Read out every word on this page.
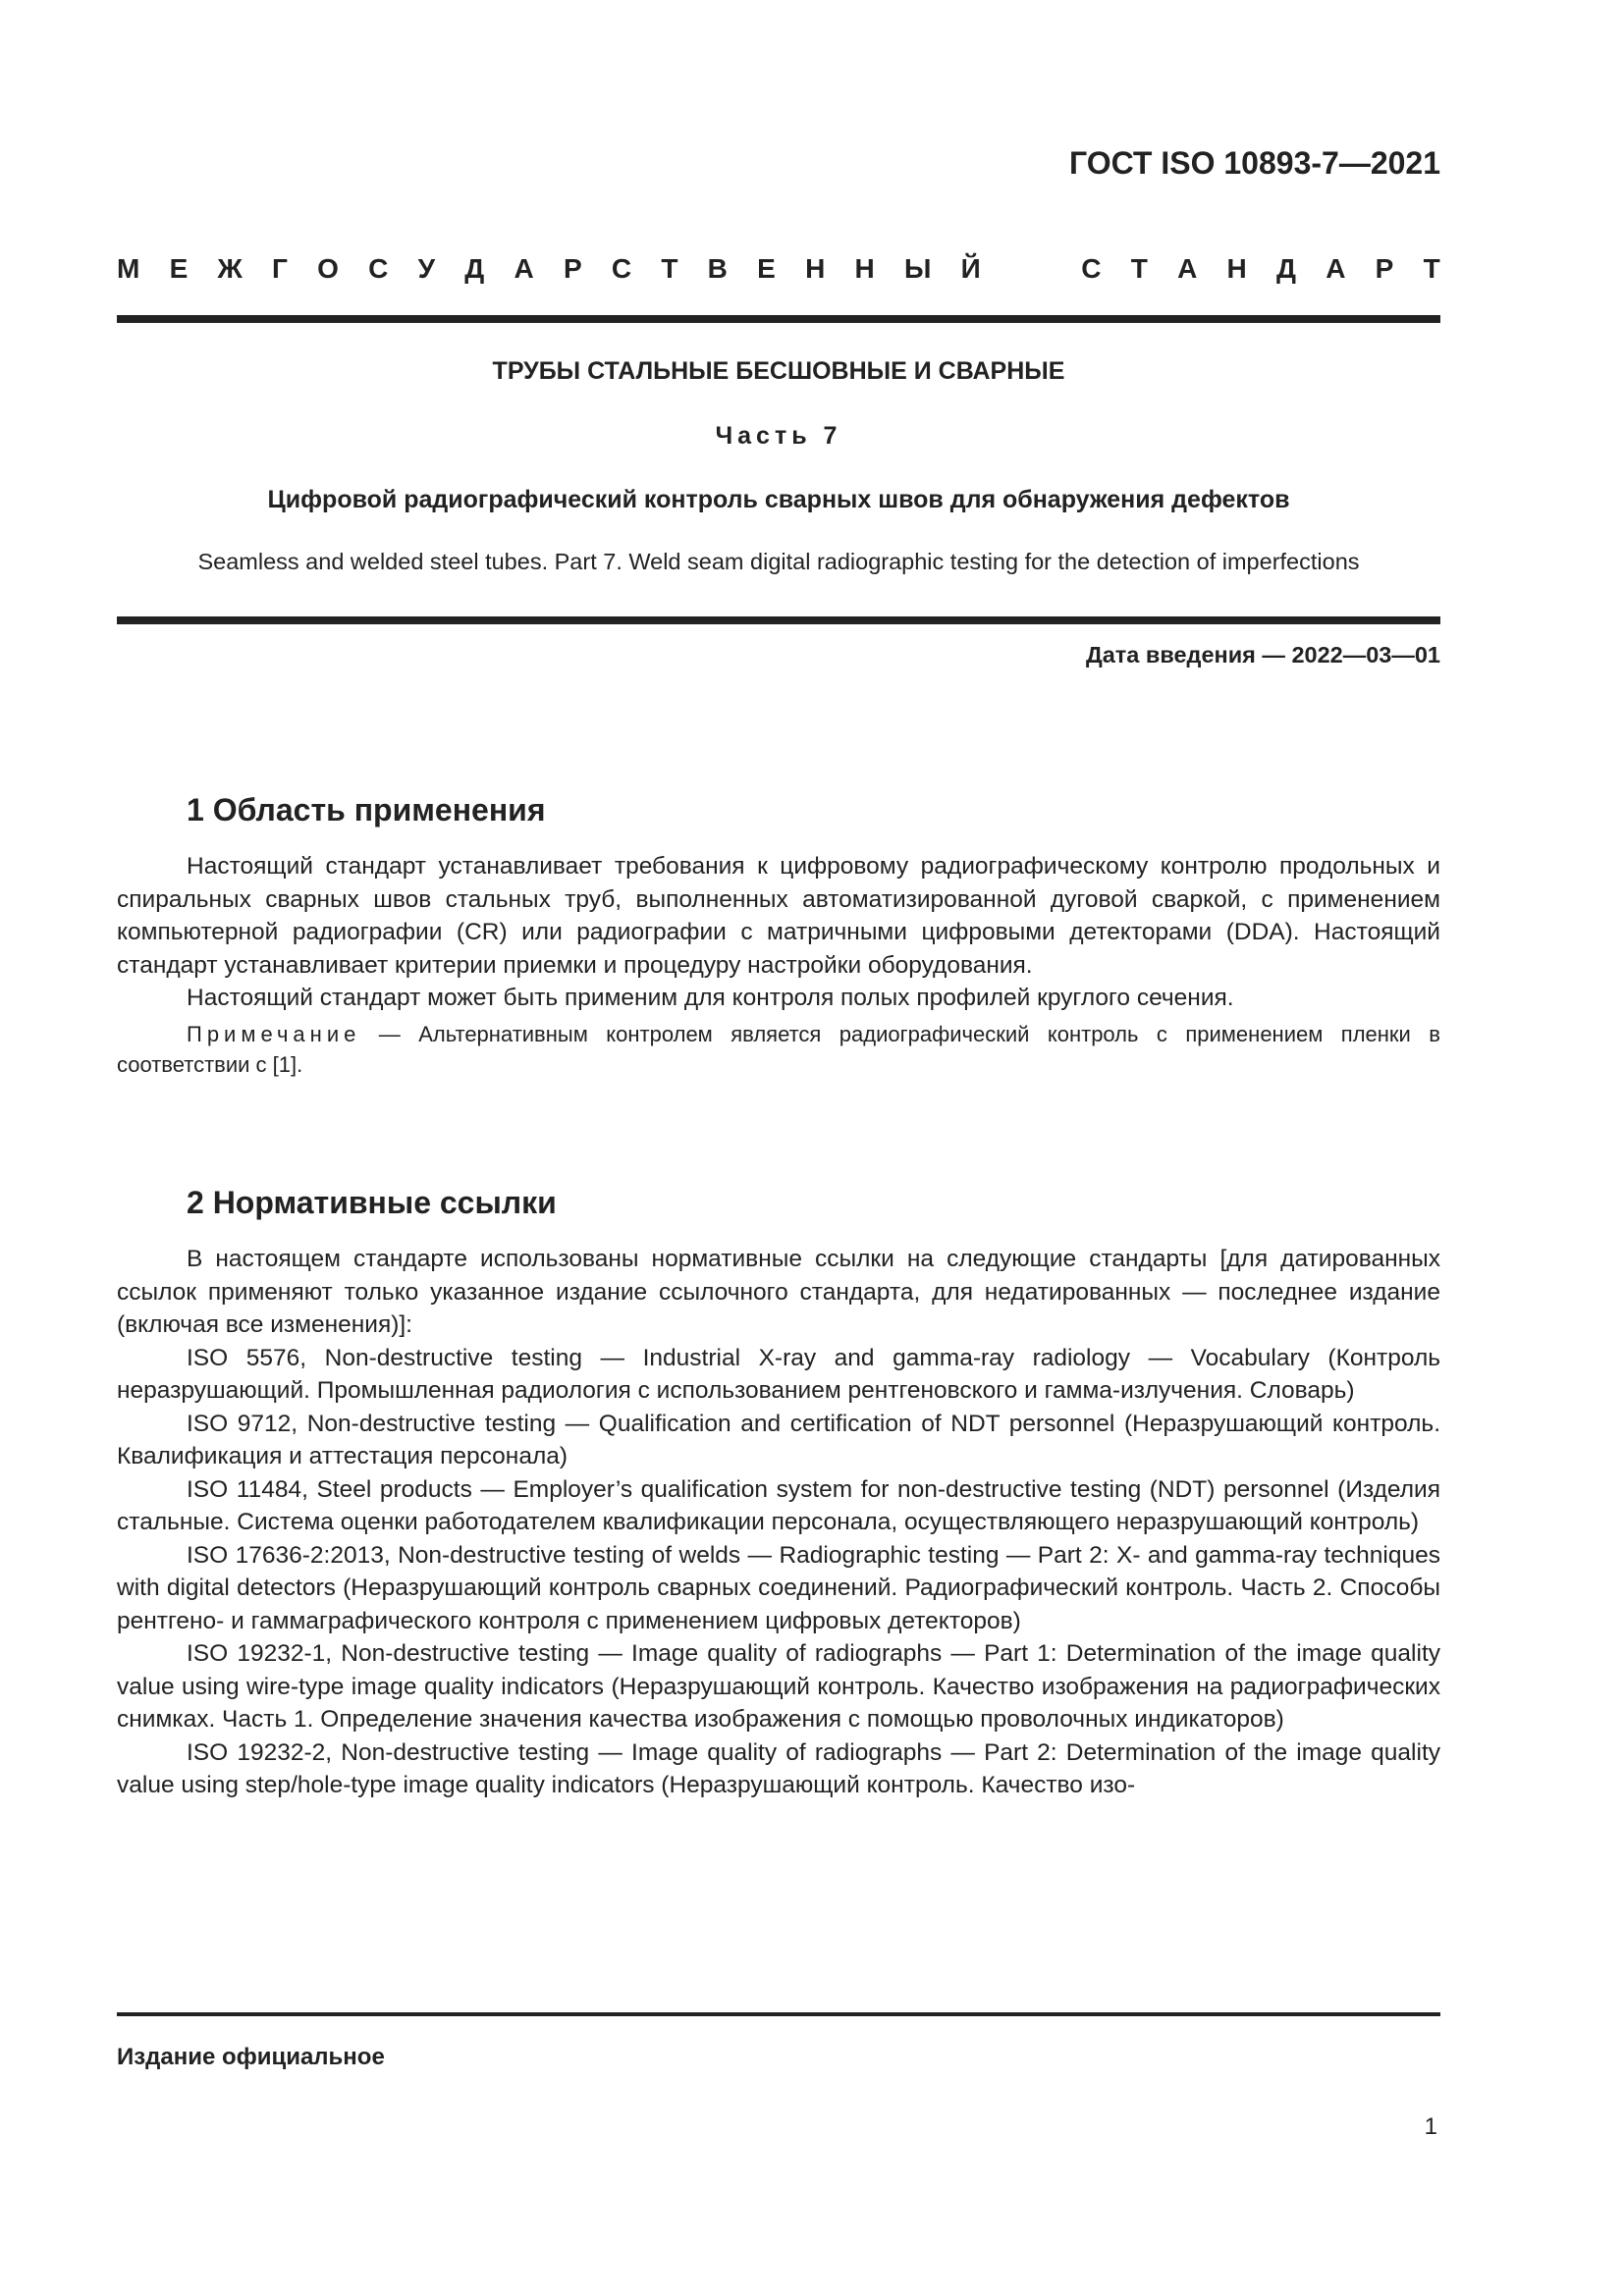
ГОСТ ISO 10893-7—2021

М Е Ж Г О С У Д А Р С Т В Е Н Н Ы Й	С Т А Н Д А Р Т

ТРУБЫ СТАЛЬНЫЕ БЕСШОВНЫЕ И СВАРНЫЕ

Часть 7

Цифровой радиографический контроль сварных швов для обнаружения дефектов

Seamless and welded steel tubes. Part 7. Weld seam digital radiographic testing for the detection of imperfections

Дата введения — 2022—03—01

1 Область применения

Настоящий стандарт устанавливает требования к цифровому радиографическому контролю продольных и спиральных сварных швов стальных труб, выполненных автоматизированной дуговой сваркой, с применением компьютерной радиографии (CR) или радиографии с матричными цифровыми детекторами (DDA). Настоящий стандарт устанавливает критерии приемки и процедуру настройки оборудования.

Настоящий стандарт может быть применим для контроля полых профилей круглого сечения.

Примечание — Альтернативным контролем является радиографический контроль с применением пленки в соответствии с [1].

2 Нормативные ссылки

В настоящем стандарте использованы нормативные ссылки на следующие стандарты [для датированных ссылок применяют только указанное издание ссылочного стандарта, для недатированных — последнее издание (включая все изменения)]:

ISO 5576, Non-destructive testing — Industrial X-ray and gamma-ray radiology — Vocabulary (Контроль неразрушающий. Промышленная радиология с использованием рентгеновского и гамма-излучения. Словарь)

ISO 9712, Non-destructive testing — Qualification and certification of NDT personnel (Неразрушающий контроль. Квалификация и аттестация персонала)

ISO 11484, Steel products — Employer’s qualification system for non-destructive testing (NDT) personnel (Изделия стальные. Система оценки работодателем квалификации персонала, осуществляющего неразрушающий контроль)

ISO 17636-2:2013, Non-destructive testing of welds — Radiographic testing — Part 2: X- and gamma-ray techniques with digital detectors (Неразрушающий контроль сварных соединений. Радиографический контроль. Часть 2. Способы рентгено- и гаммаграфического контроля с применением цифровых детекторов)

ISO 19232-1, Non-destructive testing — Image quality of radiographs — Part 1: Determination of the image quality value using wire-type image quality indicators (Неразрушающий контроль. Качество изображения на радиографических снимках. Часть 1. Определение значения качества изображения с помощью проволочных индикаторов)

ISO 19232-2, Non-destructive testing — Image quality of radiographs — Part 2: Determination of the image quality value using step/hole-type image quality indicators (Неразрушающий контроль. Качество изо-

Издание официальное

1
